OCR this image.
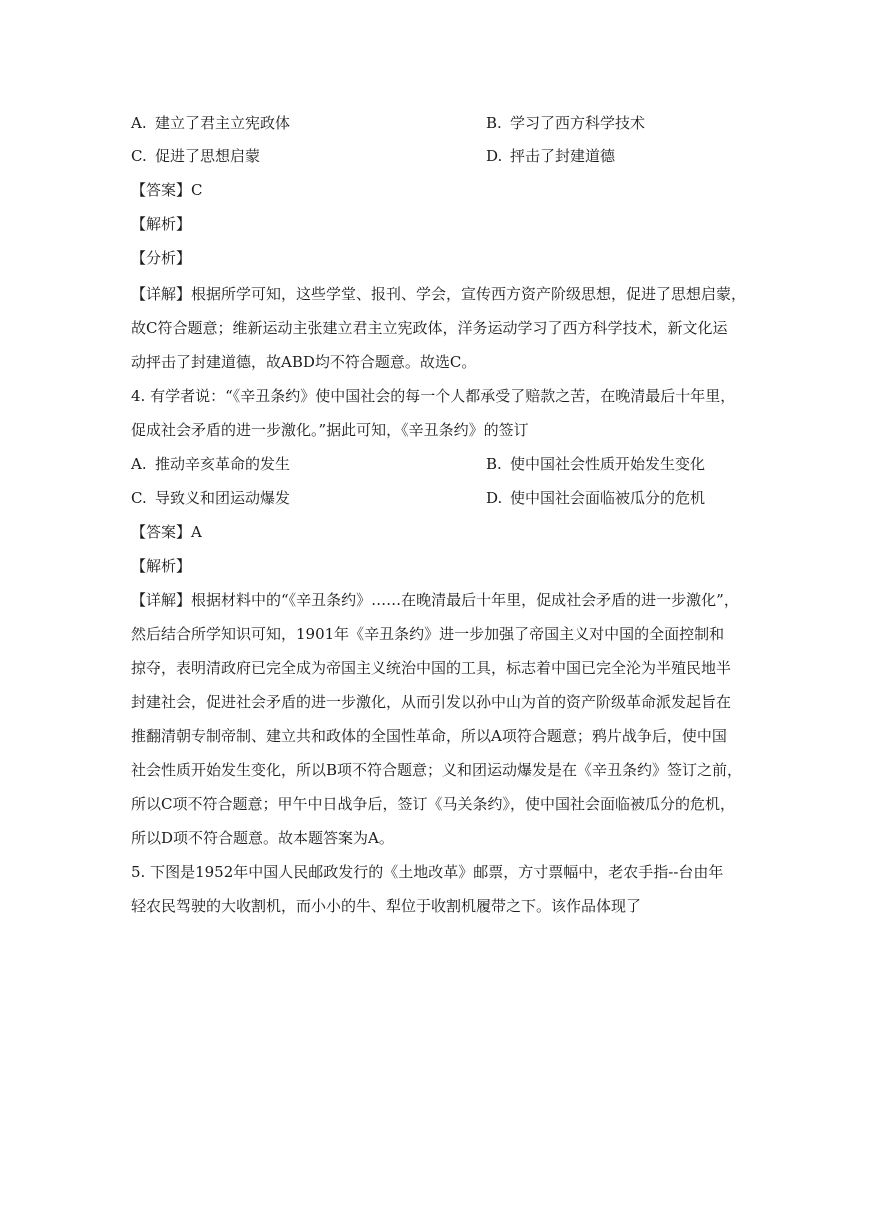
A. 建立了君主立宪政体	B. 学习了西方科学技术
C. 促进了思想启蒙	D. 抨击了封建道德
【答案】C
【解析】
【分析】
【详解】根据所学可知，这些学堂、报刊、学会，宣传西方资产阶级思想，促进了思想启蒙，
故C符合题意；维新运动主张建立君主立宪政体，洋务运动学习了西方科学技术，新文化运
动抨击了封建道德，故ABD均不符合题意。故选C。
4. 有学者说：“《辛丑条约》使中国社会的每一个人都承受了赔款之苦，在晚清最后十年里，
促成社会矛盾的进一步激化。”据此可知，《辛丑条约》的签订
A. 推动辛亥革命的发生	B. 使中国社会性质开始发生变化
C. 导致义和团运动爆发	D. 使中国社会面临被瓜分的危机
【答案】A
【解析】
【详解】根据材料中的“《辛丑条约》……在晚清最后十年里，促成社会矛盾的进一步激化”，
然后结合所学知识可知，1901年《辛丑条约》进一步加强了帝国主义对中国的全面控制和
掠夺，表明清政府已完全成为帝国主义统治中国的工具，标志着中国已完全沦为半殖民地半
封建社会，促进社会矛盾的进一步激化，从而引发以孙中山为首的资产阶级革命派发起旨在
推翻清朝专制帝制、建立共和政体的全国性革命，所以A项符合题意；鸦片战争后，使中国
社会性质开始发生变化，所以B项不符合题意；义和团运动爆发是在《辛丑条约》签订之前，
所以C项不符合题意；甲午中日战争后，签订《马关条约》，使中国社会面临被瓜分的危机，
所以D项不符合题意。故本题答案为A。
5. 下图是1952年中国人民邮政发行的《土地改革》邮票，方寸票幅中，老农手指--台由年
轻农民驾驶的大收割机，而小小的牛、犁位于收割机履带之下。该作品体现了
